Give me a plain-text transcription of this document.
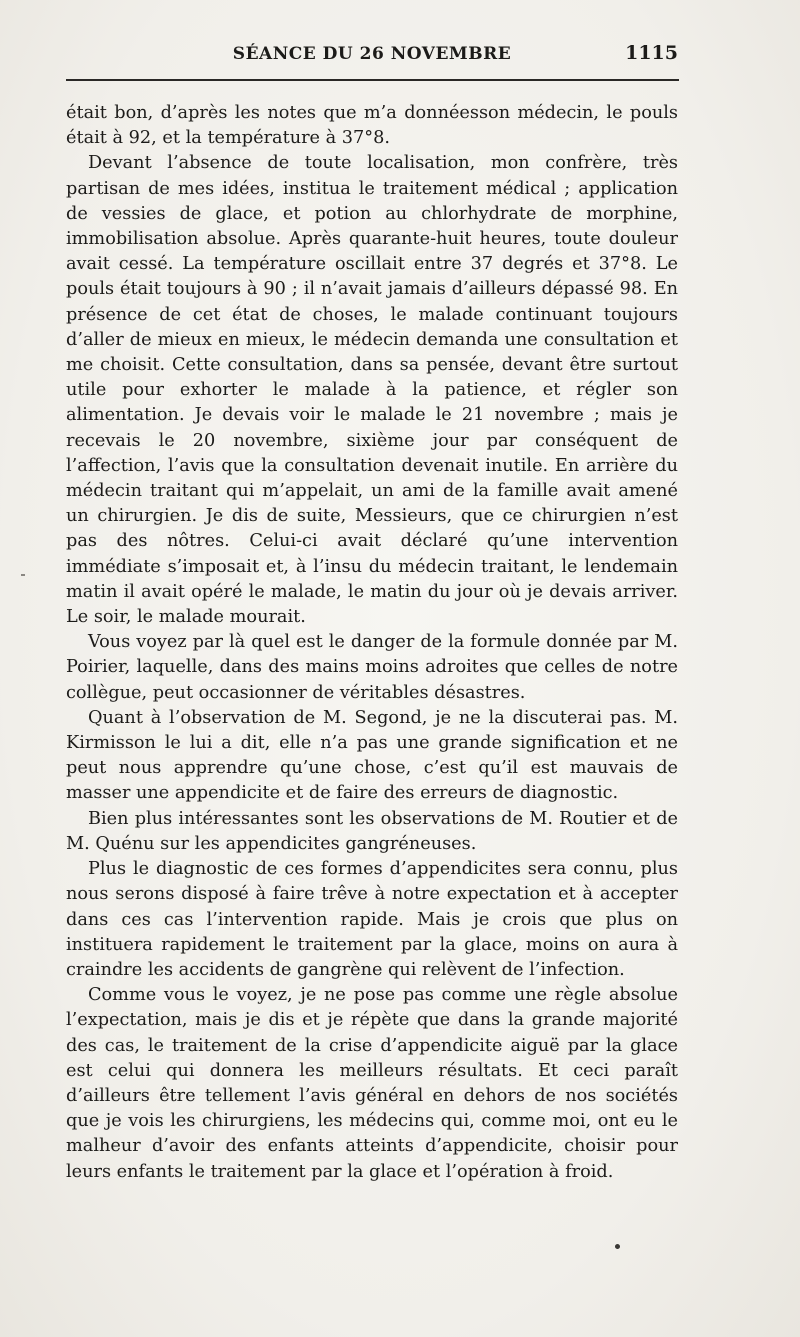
SÉANCE DU 26 NOVEMBRE	1115

était bon, d’après les notes que m’a donnéesson médecin, le pouls était à 92, et la température à 37°8.

Devant l’absence de toute localisation, mon confrère, très partisan de mes idées, institua le traitement médical ; application de vessies de glace, et potion au chlorhydrate de morphine, immobilisation absolue. Après quarante-huit heures, toute douleur avait cessé. La température oscillait entre 37 degrés et 37°8. Le pouls était toujours à 90 ; il n’avait jamais d’ailleurs dépassé 98. En présence de cet état de choses, le malade continuant toujours d’aller de mieux en mieux, le médecin demanda une consultation et me choisit. Cette consultation, dans sa pensée, devant être surtout utile pour exhorter le malade à la patience, et régler son alimentation. Je devais voir le malade le 21 novembre ; mais je recevais le 20 novembre, sixième jour par conséquent de l’affection, l’avis que la consultation devenait inutile. En arrière du médecin traitant qui m’appelait, un ami de la famille avait amené un chirurgien. Je dis de suite, Messieurs, que ce chirurgien n’est pas des nôtres. Celui-ci avait déclaré qu’une intervention immédiate s’imposait et, à l’insu du médecin traitant, le lendemain matin il avait opéré le malade, le matin du jour où je devais arriver. Le soir, le malade mourait.

Vous voyez par là quel est le danger de la formule donnée par M. Poirier, laquelle, dans des mains moins adroites que celles de notre collègue, peut occasionner de véritables désastres.

Quant à l’observation de M. Segond, je ne la discuterai pas. M. Kirmisson le lui a dit, elle n’a pas une grande signification et ne peut nous apprendre qu’une chose, c’est qu’il est mauvais de masser une appendicite et de faire des erreurs de diagnostic.

Bien plus intéressantes sont les observations de M. Routier et de M. Quénu sur les appendicites gangréneuses.

Plus le diagnostic de ces formes d’appendicites sera connu, plus nous serons disposé à faire trêve à notre expectation et à accepter dans ces cas l’intervention rapide. Mais je crois que plus on instituera rapidement le traitement par la glace, moins on aura à craindre les accidents de gangrène qui relèvent de l’infection.

Comme vous le voyez, je ne pose pas comme une règle absolue l’expectation, mais je dis et je répète que dans la grande majorité des cas, le traitement de la crise d’appendicite aiguë par la glace est celui qui donnera les meilleurs résultats. Et ceci paraît d’ailleurs être tellement l’avis général en dehors de nos sociétés que je vois les chirurgiens, les médecins qui, comme moi, ont eu le malheur d’avoir des enfants atteints d’appendicite, choisir pour leurs enfants le traitement par la glace et l’opération à froid.
